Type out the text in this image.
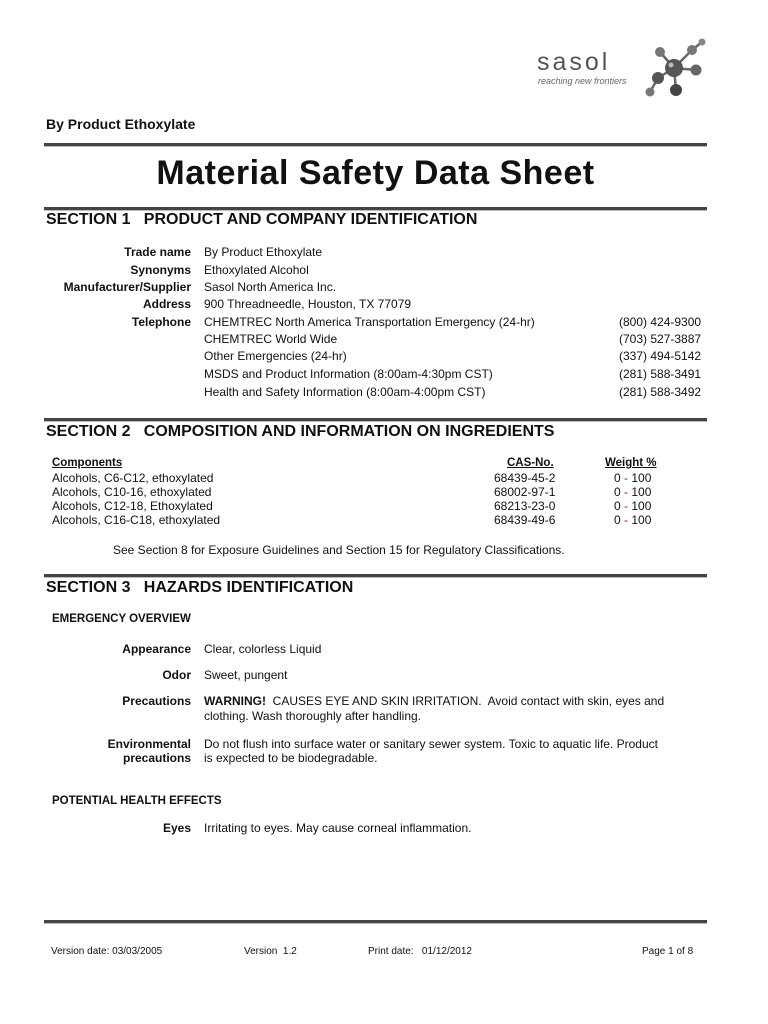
sasol
reaching new frontiers
By Product Ethoxylate
Material Safety Data Sheet
SECTION 1   PRODUCT AND COMPANY IDENTIFICATION
Trade name By Product Ethoxylate
Synonyms Ethoxylated Alcohol
Manufacturer/Supplier Sasol North America Inc.
Address 900 Threadneedle, Houston, TX 77079
Telephone CHEMTREC North America Transportation Emergency (24-hr)	(800) 424-9300
CHEMTREC World Wide	(703) 527-3887
Other Emergencies (24-hr)	(337) 494-5142
MSDS and Product Information (8:00am-4:30pm CST)	(281) 588-3491
Health and Safety Information (8:00am-4:00pm CST)	(281) 588-3492
SECTION 2   COMPOSITION AND INFORMATION ON INGREDIENTS
Components	CAS-No.	Weight %
Alcohols, C6-C12, ethoxylated	68439-45-2	0 - 100
Alcohols, C10-16, ethoxylated	68002-97-1	0 - 100
Alcohols, C12-18, Ethoxylated	68213-23-0	0 - 100
Alcohols, C16-C18, ethoxylated	68439-49-6	0 - 100
See Section 8 for Exposure Guidelines and Section 15 for Regulatory Classifications.
SECTION 3   HAZARDS IDENTIFICATION
EMERGENCY OVERVIEW
Appearance Clear, colorless Liquid
Odor Sweet, pungent
Precautions WARNING!  CAUSES EYE AND SKIN IRRITATION.  Avoid contact with skin, eyes and
clothing. Wash thoroughly after handling.
Environmental
precautions
Do not flush into surface water or sanitary sewer system. Toxic to aquatic life. Product
is expected to be biodegradable.
POTENTIAL HEALTH EFFECTS
Eyes Irritating to eyes. May cause corneal inflammation.
Version date: 03/03/2005	Version  1.2	Print date:   01/12/2012	Page 1 of 8
